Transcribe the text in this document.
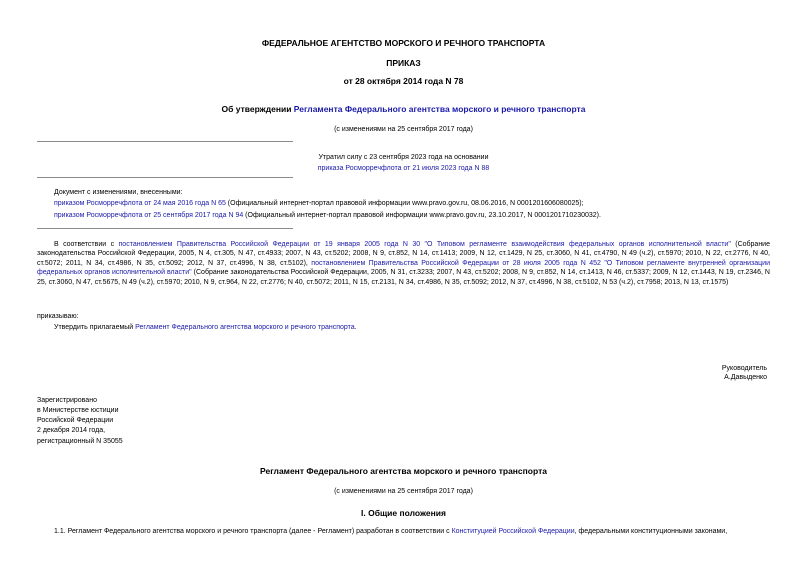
ФЕДЕРАЛЬНОЕ АГЕНТСТВО МОРСКОГО И РЕЧНОГО ТРАНСПОРТА
ПРИКАЗ
от 28 октября 2014 года N 78
Об утверждении Регламента Федерального агентства морского и речного транспорта
(с изменениями на 25 сентября 2017 года)
Утратил силу с 23 сентября 2023 года на основании
приказа Росморречфлота от 21 июля 2023 года N 88
Документ с изменениями, внесенными:
приказом Росморречфлота от 24 мая 2016 года N 65 (Официальный интернет-портал правовой информации www.pravo.gov.ru, 08.06.2016, N 0001201606080025);
приказом Росморречфлота от 25 сентября 2017 года N 94 (Официальный интернет-портал правовой информации www.pravo.gov.ru, 23.10.2017, N 0001201710230032).
В соответствии с постановлением Правительства Российской Федерации от 19 января 2005 года N 30 "О Типовом регламенте взаимодействия федеральных органов исполнительной власти" (Собрание законодательства Российской Федерации, 2005, N 4, ст.305, N 47, ст.4933; 2007, N 43, ст.5202; 2008, N 9, ст.852, N 14, ст.1413; 2009, N 12, ст.1429, N 25, ст.3060, N 41, ст.4790, N 49 (ч.2), ст.5970; 2010, N 22, ст.2776, N 40, ст.5072; 2011, N 34, ст.4986, N 35, ст.5092; 2012, N 37, ст.4996, N 38, ст.5102), постановлением Правительства Российской Федерации от 28 июля 2005 года N 452 "О Типовом регламенте внутренней организации федеральных органов исполнительной власти" (Собрание законодательства Российской Федерации, 2005, N 31, ст.3233; 2007, N 43, ст.5202; 2008, N 9, ст.852, N 14, ст.1413, N 46, ст.5337; 2009, N 12, ст.1443, N 19, ст.2346, N 25, ст.3060, N 47, ст.5675, N 49 (ч.2), ст.5970; 2010, N 9, ст.964, N 22, ст.2776; N 40, ст.5072; 2011, N 15, ст.2131, N 34, ст.4986, N 35, ст.5092; 2012, N 37, ст.4996, N 38, ст.5102, N 53 (ч.2), ст.7958; 2013, N 13, ст.1575)
приказываю:
Утвердить прилагаемый Регламент Федерального агентства морского и речного транспорта.
Руководитель
А.Давыденко
Зарегистрировано
в Министерстве юстиции
Российской Федерации
2 декабря 2014 года,
регистрационный N 35055
Регламент Федерального агентства морского и речного транспорта
(с изменениями на 25 сентября 2017 года)
I. Общие положения
1.1. Регламент Федерального агентства морского и речного транспорта (далее - Регламент) разработан в соответствии с Конституцией Российской Федерации, федеральными конституционными законами,
